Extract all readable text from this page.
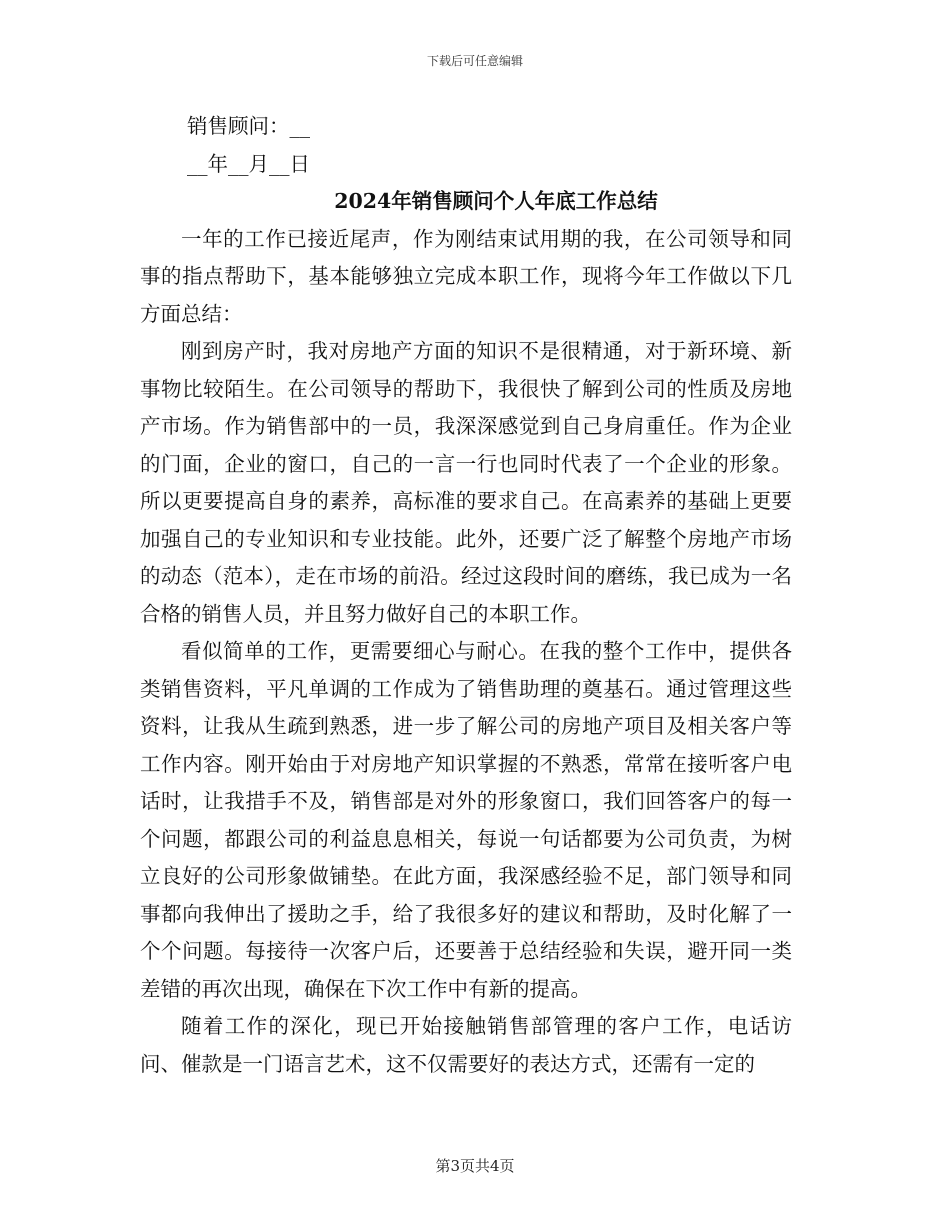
下载后可任意编辑
销售顾问：__
__年__月__日
2024年销售顾问个人年底工作总结

一年的工作已接近尾声，作为刚结束试用期的我，在公司领导和同事的指点帮助下，基本能够独立完成本职工作，现将今年工作做以下几方面总结：

刚到房产时，我对房地产方面的知识不是很精通，对于新环境、新事物比较陌生。在公司领导的帮助下，我很快了解到公司的性质及房地产市场。作为销售部中的一员，我深深感觉到自己身肩重任。作为企业的门面，企业的窗口，自己的一言一行也同时代表了一个企业的形象。所以更要提高自身的素养，高标准的要求自己。在高素养的基础上更要加强自己的专业知识和专业技能。此外，还要广泛了解整个房地产市场的动态（范本），走在市场的前沿。经过这段时间的磨练，我已成为一名合格的销售人员，并且努力做好自己的本职工作。

看似简单的工作，更需要细心与耐心。在我的整个工作中，提供各类销售资料，平凡单调的工作成为了销售助理的奠基石。通过管理这些资料，让我从生疏到熟悉，进一步了解公司的房地产项目及相关客户等工作内容。刚开始由于对房地产知识掌握的不熟悉，常常在接听客户电话时，让我措手不及，销售部是对外的形象窗口，我们回答客户的每一个问题，都跟公司的利益息息相关，每说一句话都要为公司负责，为树立良好的公司形象做铺垫。在此方面，我深感经验不足，部门领导和同事都向我伸出了援助之手，给了我很多好的建议和帮助，及时化解了一个个问题。每接待一次客户后，还要善于总结经验和失误，避开同一类差错的再次出现，确保在下次工作中有新的提高。

随着工作的深化，现已开始接触销售部管理的客户工作，电话访问、催款是一门语言艺术，这不仅需要好的表达方式，还需有一定的

第3页共4页
